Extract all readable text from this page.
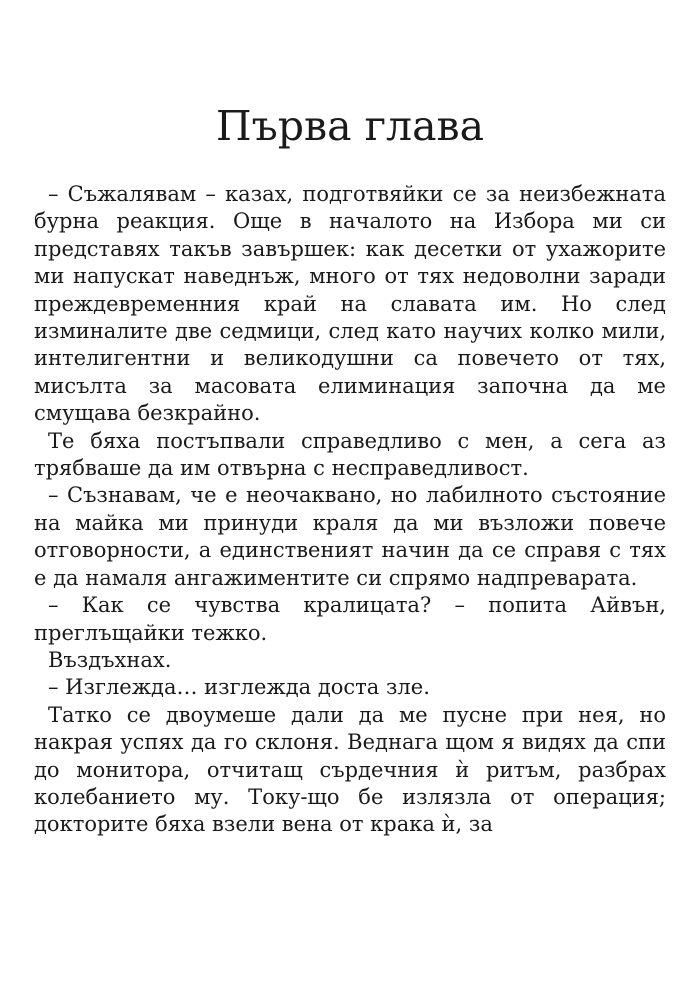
Първа глава

– Съжалявам – казах, подготвяйки се за неизбежната бурна реакция. Още в началото на Избора ми си представях такъв завършек: как десетки от ухажорите ми напускат наведнъж, много от тях недоволни заради преждевременния край на славата им. Но след изминалите две седмици, след като научих колко мили, интелигентни и великодушни са повечето от тях, мисълта за масовата елиминация започна да ме смущава безкрайно.

Те бяха постъпвали справедливо с мен, а сега аз трябваше да им отвърна с несправедливост.

– Съзнавам, че е неочаквано, но лабилното състояние на майка ми принуди краля да ми възложи повече отговорности, а единственият начин да се справя с тях е да намаля ангажиментите си спрямо надпреварата.

– Как се чувства кралицата? – попита Айвън, преглъщайки тежко.

Въздъхнах.

– Изглежда… изглежда доста зле.

Татко се двоумеше дали да ме пусне при нея, но накрая успях да го склоня. Веднага щом я видях да спи до монитора, отчитащ сърдечния ѝ ритъм, разбрах колебанието му. Току-що бе излязла от операция; докторите бяха взели вена от крака ѝ, за
